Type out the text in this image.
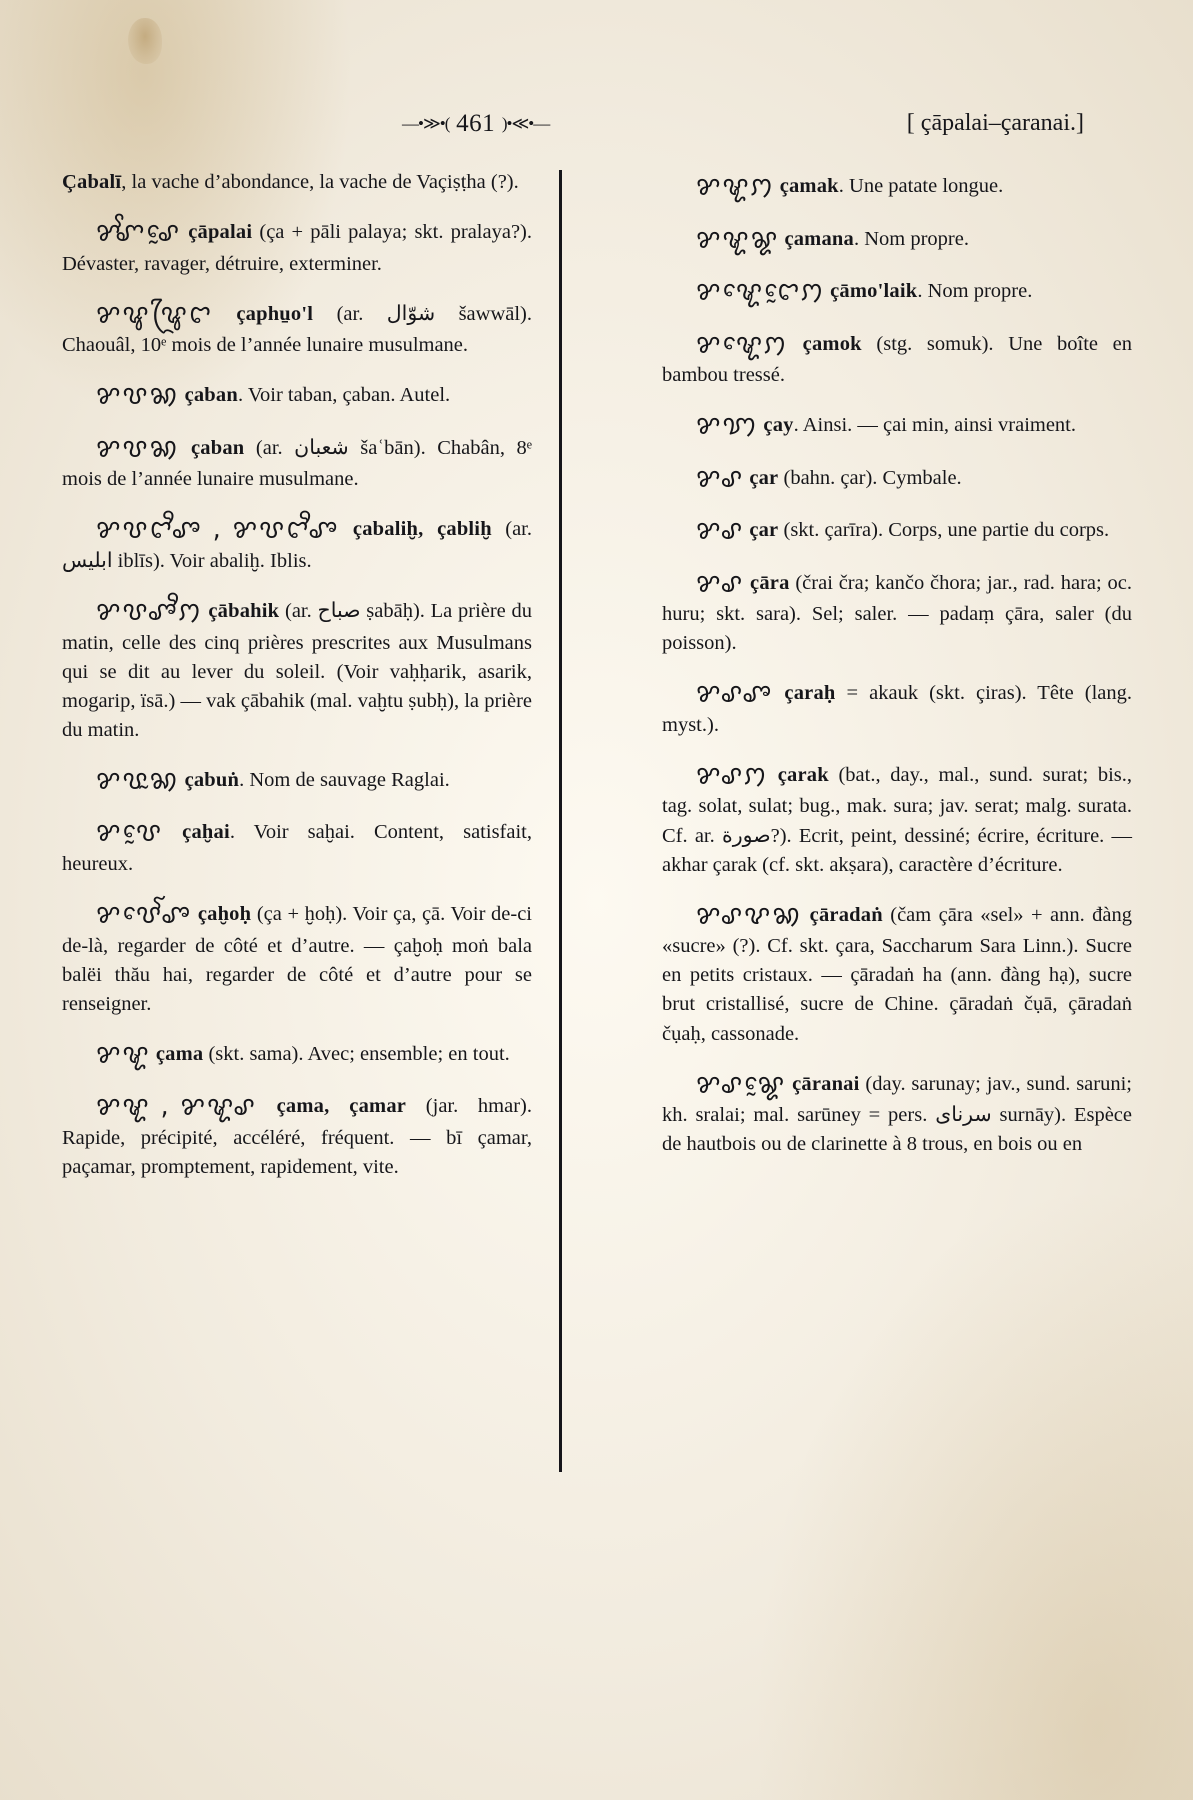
—•≫•( 461 )•≪•—	[ çāpalai–çaranai.]

Çabalī, la vache d’abondance, la vache de Vaçiṣṭha (?).

ꨌꨩꨚꨣꨰ çāpalai (ça + pāli palaya; skt. pralaya?). Dévaster, ravager, détruire, exterminer.

ꨌꨥꨥꨴꨤ çaphu̱o'l (ar. شوّال šawwāl). Chaouâl, 10ᵉ mois de l’année lunaire musulmane.

ꨌꨝꩆ çaban. Voir taban, çaban. Autel.

ꨌꨝꩆ çaban (ar. شعبان šaʿbān). Chabân, 8ᵉ mois de l’année lunaire musulmane.

ꨌꨝꨤꨪꨨ , ꨌꨝꨤꨪꨨ çabaliḫ, çabliḫ (ar. ابليس iblīs). Voir abaliḫ. Iblis.

ꨌꨝꨨꨪꩀ çābahik (ar. صباح ṣabāḥ). La prière du matin, celle des cinq prières prescrites aux Musulmans qui se dit au lever du soleil. (Voir vaḥḥarik, asarik, mogarip, ïsā.) — vak çābahik (mal. vaḫtu ṣubḥ), la prière du matin.

ꨌꨝꨭꩆ çabuṅ. Nom de sauvage Raglai.

ꨌꨝꨰ çaḫai. Voir saḫai. Content, satisfait, heureux.

ꨌꨝꨯꨱꨨ çaḫoḥ (ça + ḫoḥ). Voir ça, çā. Voir de-ci de-là, regarder de côté et d’autre. — çaḫoḥ moṅ bala balëi thău hai, regarder de côté et d’autre pour se renseigner.

ꨌꨠ çama (skt. sama). Avec; ensemble; en tout.

ꨌꨠ , ꨌꨠꨣ çama, çamar (jar. hmar). Rapide, précipité, accéléré, fréquent. — bī çamar, paçamar, promptement, rapidement, vite.

ꨌꨠꩀ çamak. Une patate longue.

ꨌꨠꨘ çamana. Nom propre.

ꨌꨠꨯꨤꨰꩀ çāmo'laik. Nom propre.

ꨌꨠꨯꩀ çamok (stg. somuk). Une boîte en bambou tressé.

ꨌꩈ çay. Ainsi. — çai min, ainsi vraiment.

ꨌꨣ çar (bahn. çar). Cymbale.

ꨌꨣ çar (skt. çarīra). Corps, une partie du corps.

ꨌꨣ çāra (črai čra; kančo čhora; jar., rad. hara; oc. huru; skt. sara). Sel; saler. — padaṃ çāra, saler (du poisson).

ꨌꨣꨨ çaraḥ = akauk (skt. çiras). Tête (lang. myst.).

ꨌꨣꩀ çarak (bat., day., mal., sund. surat; bis., tag. solat, sulat; bug., mak. sura; jav. serat; malg. surata. Cf. ar. صورة?). Ecrit, peint, dessiné; écrire, écriture. — akhar çarak (cf. skt. akṣara), caractère d’écriture.

ꨌꨣꨖꩆ çāradaṅ (čam çāra «sel» + ann. đàng «sucre» (?). Cf. skt. çara, Saccharum Sara Linn.). Sucre en petits cristaux. — çāradaṅ ha (ann. đàng hạ), sucre brut cristallisé, sucre de Chine. çāradaṅ čụā, çāradaṅ čụaḥ, cassonade.

ꨌꨣꨘꨰ çāranai (day. sarunay; jav., sund. saruni; kh. sralai; mal. sarūney = pers. سرناى surnāy). Espèce de hautbois ou de clarinette à 8 trous, en bois ou en
